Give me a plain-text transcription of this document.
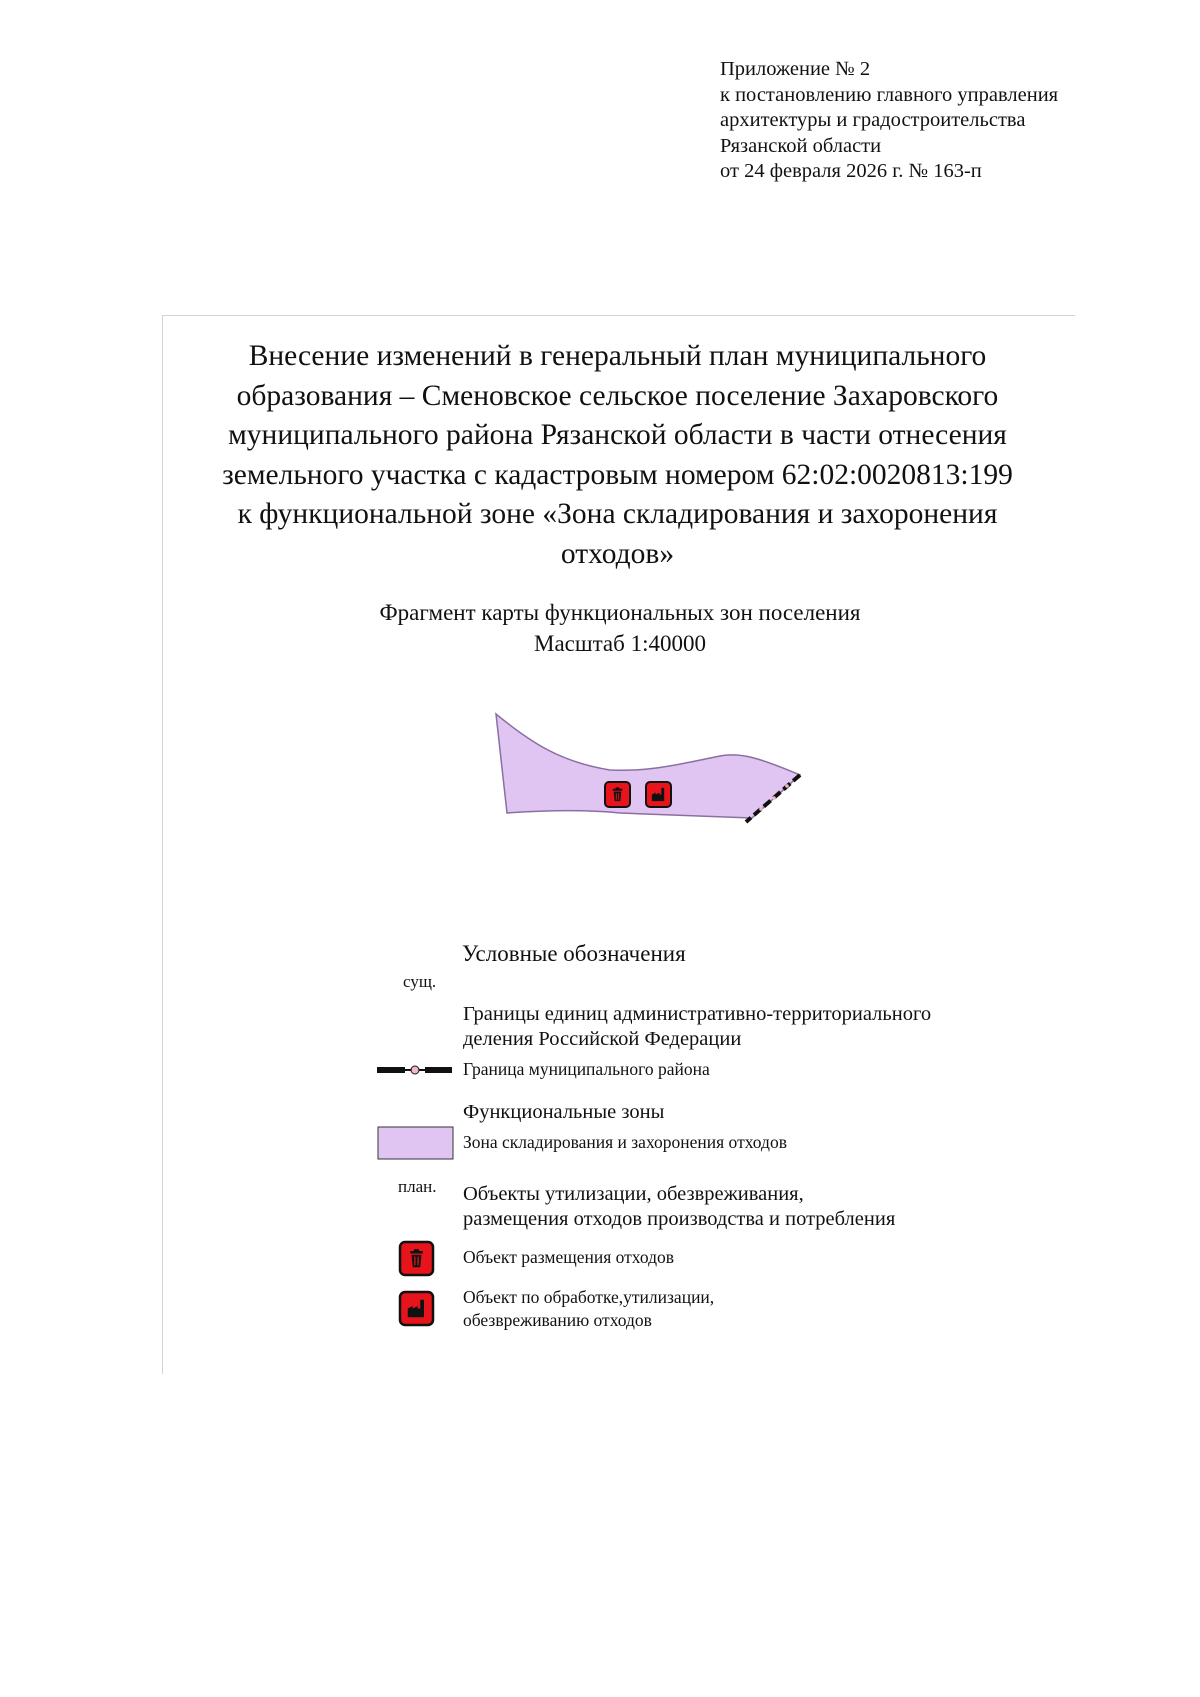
Приложение № 2
к постановлению главного управления
архитектуры и градостроительства
Рязанской области
от 24 февраля 2026 г. № 163-п
Внесение изменений в генеральный план муниципального
образования – Сменовское сельское поселение Захаровского
муниципального района Рязанской области в части отнесения
земельного участка с кадастровым номером 62:02:0020813:199
к функциональной зоне «Зона складирования и захоронения
отходов»
Фрагмент карты функциональных зон поселения
Масштаб 1:40000
Условные обозначения
сущ.
Границы единиц административно-территориального
деления Российской Федерации
Граница муниципального района
Функциональные зоны
Зона складирования и захоронения отходов
план. Объекты утилизации, обезвреживания,
размещения отходов производства и потребления
Объект размещения отходов
Объект по обработке,утилизации,
обезвреживанию отходов
